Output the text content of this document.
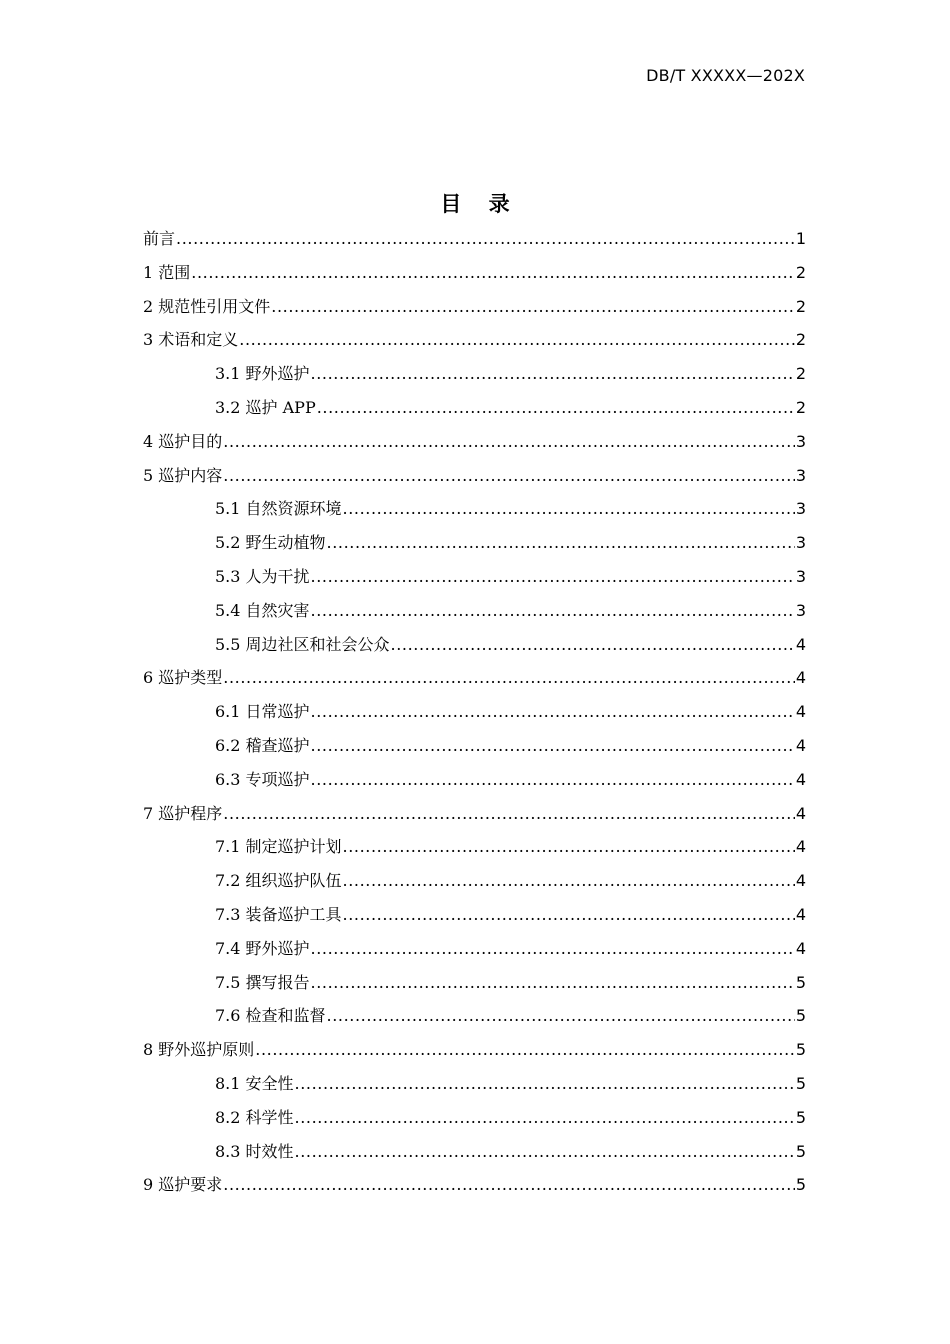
DB/T XXXXX—202X
目 录
前言 .....	1
1 范围 .....	2
2 规范性引用文件 .....	2
3 术语和定义 .....	2
3.1 野外巡护 .....	2
3.2 巡护 APP .....	2
4 巡护目的 .....	3
5 巡护内容 .....	3
5.1 自然资源环境 .....	3
5.2 野生动植物 .....	3
5.3 人为干扰 .....	3
5.4 自然灾害 .....	3
5.5 周边社区和社会公众 .....	4
6 巡护类型 .....	4
6.1 日常巡护 .....	4
6.2 稽查巡护 .....	4
6.3 专项巡护 .....	4
7 巡护程序 .....	4
7.1 制定巡护计划 .....	4
7.2 组织巡护队伍 .....	4
7.3 装备巡护工具 .....	4
7.4 野外巡护 .....	4
7.5 撰写报告 .....	5
7.6 检查和监督 .....	5
8 野外巡护原则 .....	5
8.1 安全性 .....	5
8.2 科学性 .....	5
8.3 时效性 .....	5
9 巡护要求 .....	5
